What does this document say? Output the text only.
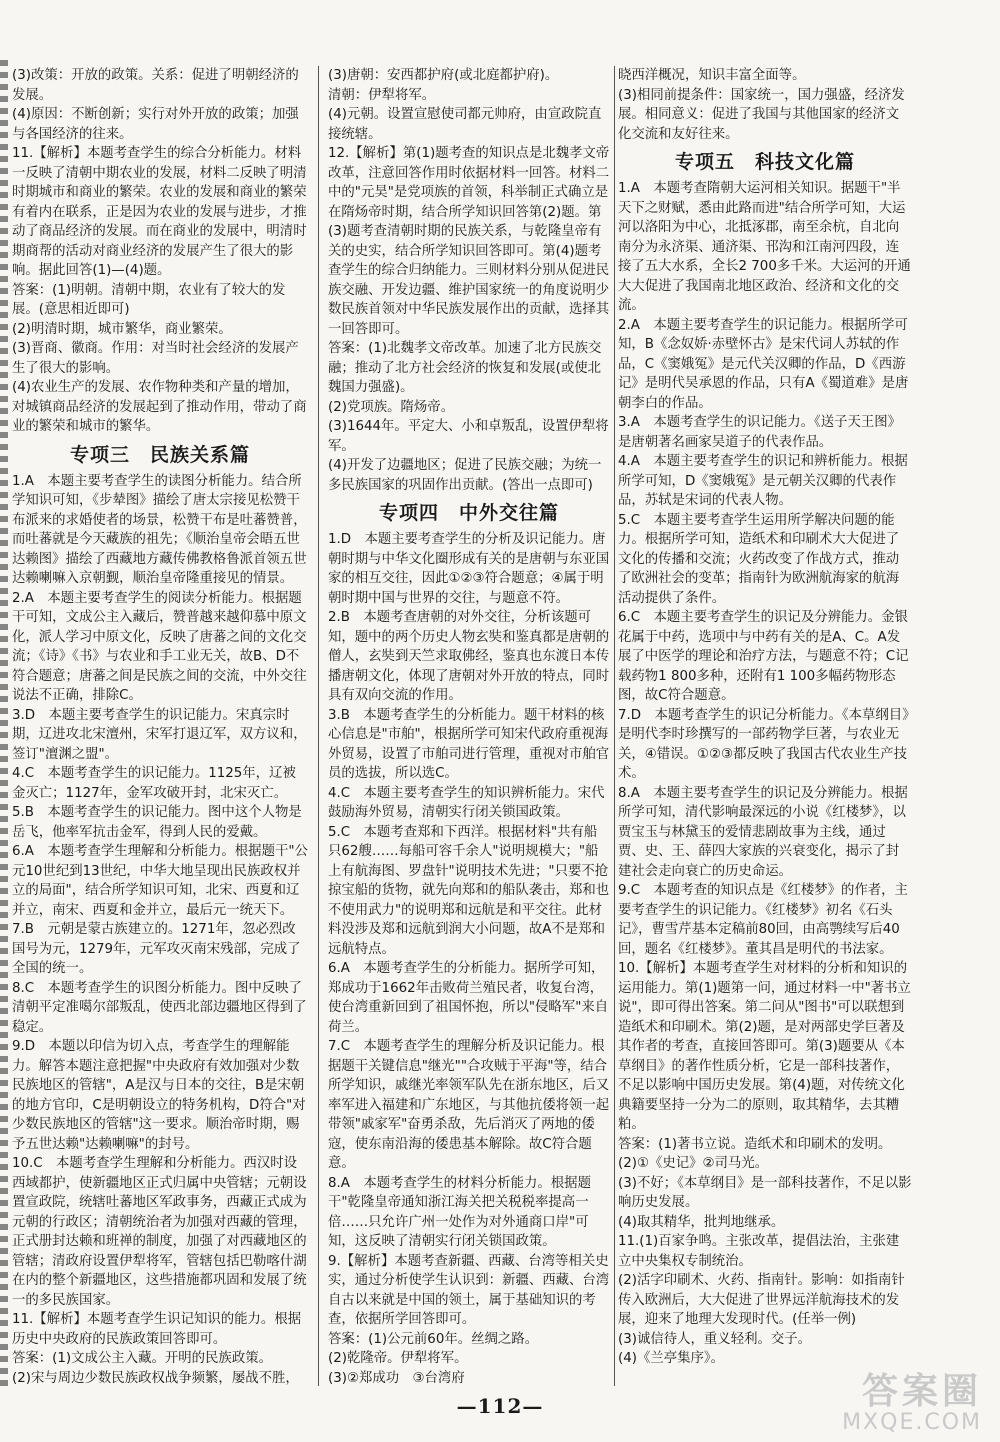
(3)改策：开放的政策。关系：促进了明朝经济的发展。

(4)原因：不断创新；实行对外开放的政策；加强与各国经济的往来。

11.【解析】本题考查学生的综合分析能力。材料一反映了清朝中期农业的发展，材料二反映了明清时期城市和商业的繁荣。农业的发展和商业的繁荣有着内在联系，正是因为农业的发展与进步，才推动了商品经济的发展。而在商业的发展中，明清时期商帮的活动对商业经济的发展产生了很大的影响。据此回答(1)—(4)题。

答案：(1)明朝。清朝中期，农业有了较大的发展。(意思相近即可)

(2)明清时期，城市繁华，商业繁荣。

(3)晋商、徽商。作用：对当时社会经济的发展产生了很大的影响。

(4)农业生产的发展、农作物种类和产量的增加，对城镇商品经济的发展起到了推动作用，带动了商业的繁荣和城市的繁华。

专项三　民族关系篇

1.A　本题主要考查学生的读图分析能力。结合所学知识可知，《步辇图》描绘了唐太宗接见松赞干布派来的求婚使者的场景，松赞干布是吐蕃赞普，而吐蕃就是今天藏族的祖先；《顺治皇帝会晤五世达赖图》描绘了西藏地方藏传佛教格鲁派首领五世达赖喇嘛入京朝觐，顺治皇帝隆重接见的情景。

2.A　本题主要考查学生的阅读分析能力。根据题干可知，文成公主入藏后，赞普越来越仰慕中原文化，派人学习中原文化，反映了唐蕃之间的文化交流；《诗》《书》与农业和手工业无关，故B、D不符合题意；唐蕃之间是民族之间的交流，中外交往说法不正确，排除C。

3.D　本题主要考查学生的识记能力。宋真宗时期，辽进攻北宋澶州，宋军打退辽军，双方议和，签订"澶渊之盟"。

4.C　本题考查学生的识记能力。1125年，辽被金灭亡；1127年，金军攻破开封，北宋灭亡。

5.B　本题考查学生的识记能力。图中这个人物是岳飞，他率军抗击金军，得到人民的爱戴。

6.A　本题考查学生理解和分析能力。根据题干"公元10世纪到13世纪，中华大地呈现出民族政权并立的局面"，结合所学知识可知，北宋、西夏和辽并立，南宋、西夏和金并立，最后元一统天下。

7.B　元朝是蒙古族建立的。1271年，忽必烈改国号为元，1279年，元军攻灭南宋残部，完成了全国的统一。

8.C　本题考查学生的识图分析能力。图中反映了清朝平定准噶尔部叛乱，使西北部边疆地区得到了稳定。

9.D　本题以印信为切入点，考查学生的理解能力。解答本题注意把握"中央政府有效加强对少数民族地区的管辖"，A是汉与日本的交往，B是宋朝的地方官印，C是明朝设立的特务机构，D符合"对少数民族地区的管辖"这一要求。顺治帝时期，赐予五世达赖"达赖喇嘛"的封号。

10.C　本题考查学生理解和分析能力。西汉时设西域都护，使新疆地区正式归属中央管辖；元朝设置宣政院，统辖吐蕃地区军政事务，西藏正式成为元朝的行政区；清朝统治者为加强对西藏的管理，正式册封达赖和班禅的制度，加强了对西藏地区的管辖；清政府设置伊犁将军，管辖包括巴勒喀什湖在内的整个新疆地区，这些措施都巩固和发展了统一的多民族国家。

11.【解析】本题考查学生识记知识的能力。根据历史中央政府的民族政策回答即可。

答案：(1)文成公主入藏。开明的民族政策。

(2)宋与周边少数民族政权战争频繁，屡战不胜，

(3)唐朝：安西都护府(或北庭都护府)。

清朝：伊犁将军。

(4)元朝。设置宣慰使司都元帅府，由宣政院直接统辖。

12.【解析】第(1)题考查的知识点是北魏孝文帝改革，注意回答作用时依据材料一回答。材料二中的"元昊"是党项族的首领，科举制正式确立是在隋炀帝时期，结合所学知识回答第(2)题。第(3)题考查清朝时期的民族关系，与乾隆皇帝有关的史实，结合所学知识回答即可。第(4)题考查学生的综合归纳能力。三则材料分别从促进民族交融、开发边疆、维护国家统一的角度说明少数民族首领对中华民族发展作出的贡献，选择其一回答即可。

答案：(1)北魏孝文帝改革。加速了北方民族交融；推动了北方社会经济的恢复和发展(或使北魏国力强盛)。

(2)党项族。隋炀帝。

(3)1644年。平定大、小和卓叛乱，设置伊犁将军。

(4)开发了边疆地区；促进了民族交融；为统一多民族国家的巩固作出贡献。(答出一点即可)

专项四　中外交往篇

1.D　本题主要考查学生的分析及识记能力。唐朝时期与中华文化圈形成有关的是唐朝与东亚国家的相互交往，因此①②③符合题意；④属于明朝时期中国与世界的交往，与题意不符。

2.B　本题考查唐朝的对外交往，分析该题可知，题中的两个历史人物玄奘和鉴真都是唐朝的僧人，玄奘到天竺求取佛经，鉴真也东渡日本传播唐朝文化，体现了唐朝对外开放的特点，同时具有双向交流的作用。

3.B　本题考查学生的分析能力。题干材料的核心信息是"市舶"，根据所学可知宋代政府重视海外贸易，设置了市舶司进行管理，重视对市舶官员的选拔，所以选C。

4.C　本题主要考查学生的知识辨析能力。宋代鼓励海外贸易，清朝实行闭关锁国政策。

5.C　本题考查郑和下西洋。根据材料"共有船只62艘……每船可容千余人"说明规模大；"船上有航海图、罗盘针"说明技术先进；"只要不抢掠宝船的货物，就先向郑和的船队袭击，郑和也不使用武力"的说明郑和远航是和平交往。此材料没涉及郑和远航到润大小问题，故A不是郑和远航特点。

6.A　本题考查学生的分析能力。据所学可知，郑成功于1662年击败荷兰殖民者，收复台湾，使台湾重新回到了祖国怀抱，所以"侵略军"来自荷兰。

7.C　本题考查学生的理解分析及识记能力。根据题干关键信息"继光""合攻贼于平海"等，结合所学知识，戚继光率领军队先在浙东地区，后又率军进入福建和广东地区，与其他抗倭将领一起带领"戚家军"奋勇杀敌，先后消灭了两地的倭寇，使东南沿海的倭患基本解除。故C符合题意。

8.A　本题考查学生的材料分析能力。根据题干"乾隆皇帝通知浙江海关把关税税率提高一倍……只允许广州一处作为对外通商口岸"可知，这反映了清朝实行闭关锁国政策。

9.【解析】本题考查新疆、西藏、台湾等相关史实，通过分析使学生认识到：新疆、西藏、台湾自古以来就是中国的领土，属于基础知识的考查，依据所学回答即可。

答案：(1)公元前60年。丝绸之路。

(2)乾隆帝。伊犁将军。

(3)②郑成功　③台湾府

晓西洋概况，知识丰富全面等。

(3)相同前提条件：国家统一，国力强盛，经济发展。相同意义：促进了我国与其他国家的经济文化交流和友好往来。

专项五　科技文化篇

1.A　本题考查隋朝大运河相关知识。据题干"半天下之财赋，悉由此路而进"结合所学可知，大运河以洛阳为中心，北抵涿郡，南至余杭，自北向南分为永济渠、通济渠、邗沟和江南河四段，连接了五大水系，全长2 700多千米。大运河的开通大大促进了我国南北地区政治、经济和文化的交流。

2.A　本题主要考查学生的识记能力。根据所学可知，B《念奴娇·赤壁怀古》是宋代词人苏轼的作品，C《窦娥冤》是元代关汉卿的作品，D《西游记》是明代吴承恩的作品，只有A《蜀道难》是唐朝李白的作品。

3.A　本题考查学生的识记能力。《送子天王图》是唐朝著名画家吴道子的代表作品。

4.A　本题主要考查学生的识记和辨析能力。根据所学可知，D《窦娥冤》是元朝关汉卿的代表作品，苏轼是宋词的代表人物。

5.C　本题主要考查学生运用所学解决问题的能力。根据所学可知，造纸术和印刷术大大促进了文化的传播和交流；火药改变了作战方式，推动了欧洲社会的变革；指南针为欧洲航海家的航海活动提供了条件。

6.C　本题主要考查学生的识记及分辨能力。金银花属于中药，选项中与中药有关的是A、C。A发展了中医学的理论和治疗方法，与题意不符；C记载药物1 800多种，还附有1 100多幅药物形态图，故C符合题意。

7.D　本题考查学生的识记分析能力。《本草纲目》是明代李时珍撰写的一部药物学巨著，与农业无关，④错误。①②③都反映了我国古代农业生产技术。

8.A　本题主要考查学生的识记及分辨能力。根据所学可知，清代影响最深远的小说《红楼梦》，以贾宝玉与林黛玉的爱情悲剧故事为主线，通过贾、史、王、薛四大家族的兴衰变化，揭示了封建社会走向衰亡的历史命运。

9.C　本题考查的知识点是《红楼梦》的作者，主要考查学生的识记能力。《红楼梦》初名《石头记》，曹雪芹基本定稿前80回，由高鹗续写后40回，题名《红楼梦》。董其昌是明代的书法家。

10.【解析】本题考查学生对材料的分析和知识的运用能力。第(1)题第一问，通过材料一中"著书立说"，即可得出答案。第二问从"图书"可以联想到造纸术和印刷术。第(2)题，是对两部史学巨著及其作者的考查，直接回答即可。第(3)题要从《本草纲目》的著作性质分析，它是一部科技著作，不足以影响中国历史发展。第(4)题，对传统文化典籍要坚持一分为二的原则，取其精华，去其糟粕。

答案：(1)著书立说。造纸术和印刷术的发明。

(2)①《史记》②司马光。

(3)不好；《本草纲目》是一部科技著作，不足以影响历史发展。

(4)取其精华，批判地继承。

11.(1)百家争鸣。主张改革，提倡法治，主张建立中央集权专制统治。

(2)活字印刷术、火药、指南针。影响：如指南针传入欧洲后，大大促进了世界远洋航海技术的发展，迎来了地理大发现时代。(任举一例)

(3)诚信待人，重义轻利。交子。

(4)《兰亭集序》。

—112—	答案圈
MXQE.COM
